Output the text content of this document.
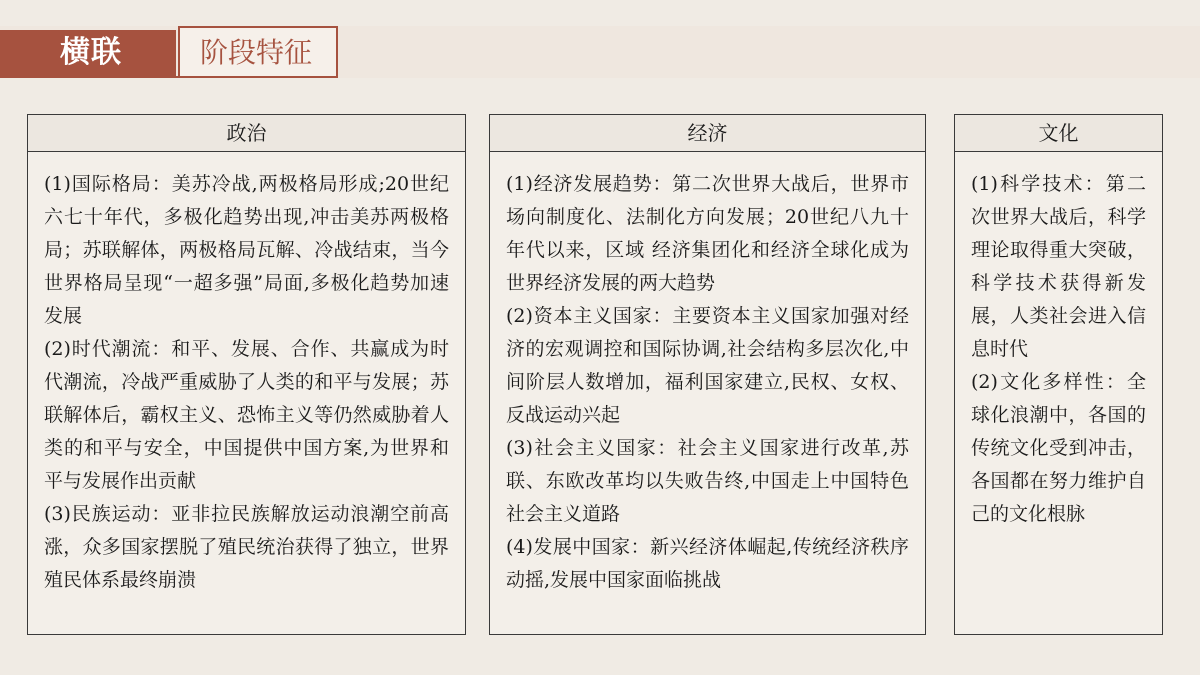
横联	阶段特征
政治

(1)国际格局：美苏冷战,两极格局形成;20世纪六七十年代，多极化趋势出现,冲击美苏两极格局；苏联解体，两极格局瓦解、冷战结束，当今世界格局呈现“一超多强”局面,多极化趋势加速发展

(2)时代潮流：和平、发展、合作、共赢成为时代潮流，冷战严重威胁了人类的和平与发展；苏联解体后，霸权主义、恐怖主义等仍然威胁着人类的和平与安全，中国提供中国方案,为世界和平与发展作出贡献

(3)民族运动：亚非拉民族解放运动浪潮空前高涨，众多国家摆脱了殖民统治获得了独立，世界殖民体系最终崩溃

经济

(1)经济发展趋势：第二次世界大战后，世界市场向制度化、法制化方向发展；20世纪八九十年代以来，区域 经济集团化和经济全球化成为世界经济发展的两大趋势

(2)资本主义国家：主要资本主义国家加强对经济的宏观调控和国际协调,社会结构多层次化,中间阶层人数增加，福利国家建立,民权、女权、反战运动兴起

(3)社会主义国家：社会主义国家进行改革,苏联、东欧改革均以失败告终,中国走上中国特色社会主义道路

(4)发展中国家：新兴经济体崛起,传统经济秩序动摇,发展中国家面临挑战

文化

(1)科学技术：第二次世界大战后，科学理论取得重大突破，科学技术获得新发展，人类社会进入信息时代

(2)文化多样性：全球化浪潮中，各国的传统文化受到冲击，各国都在努力维护自己的文化根脉
